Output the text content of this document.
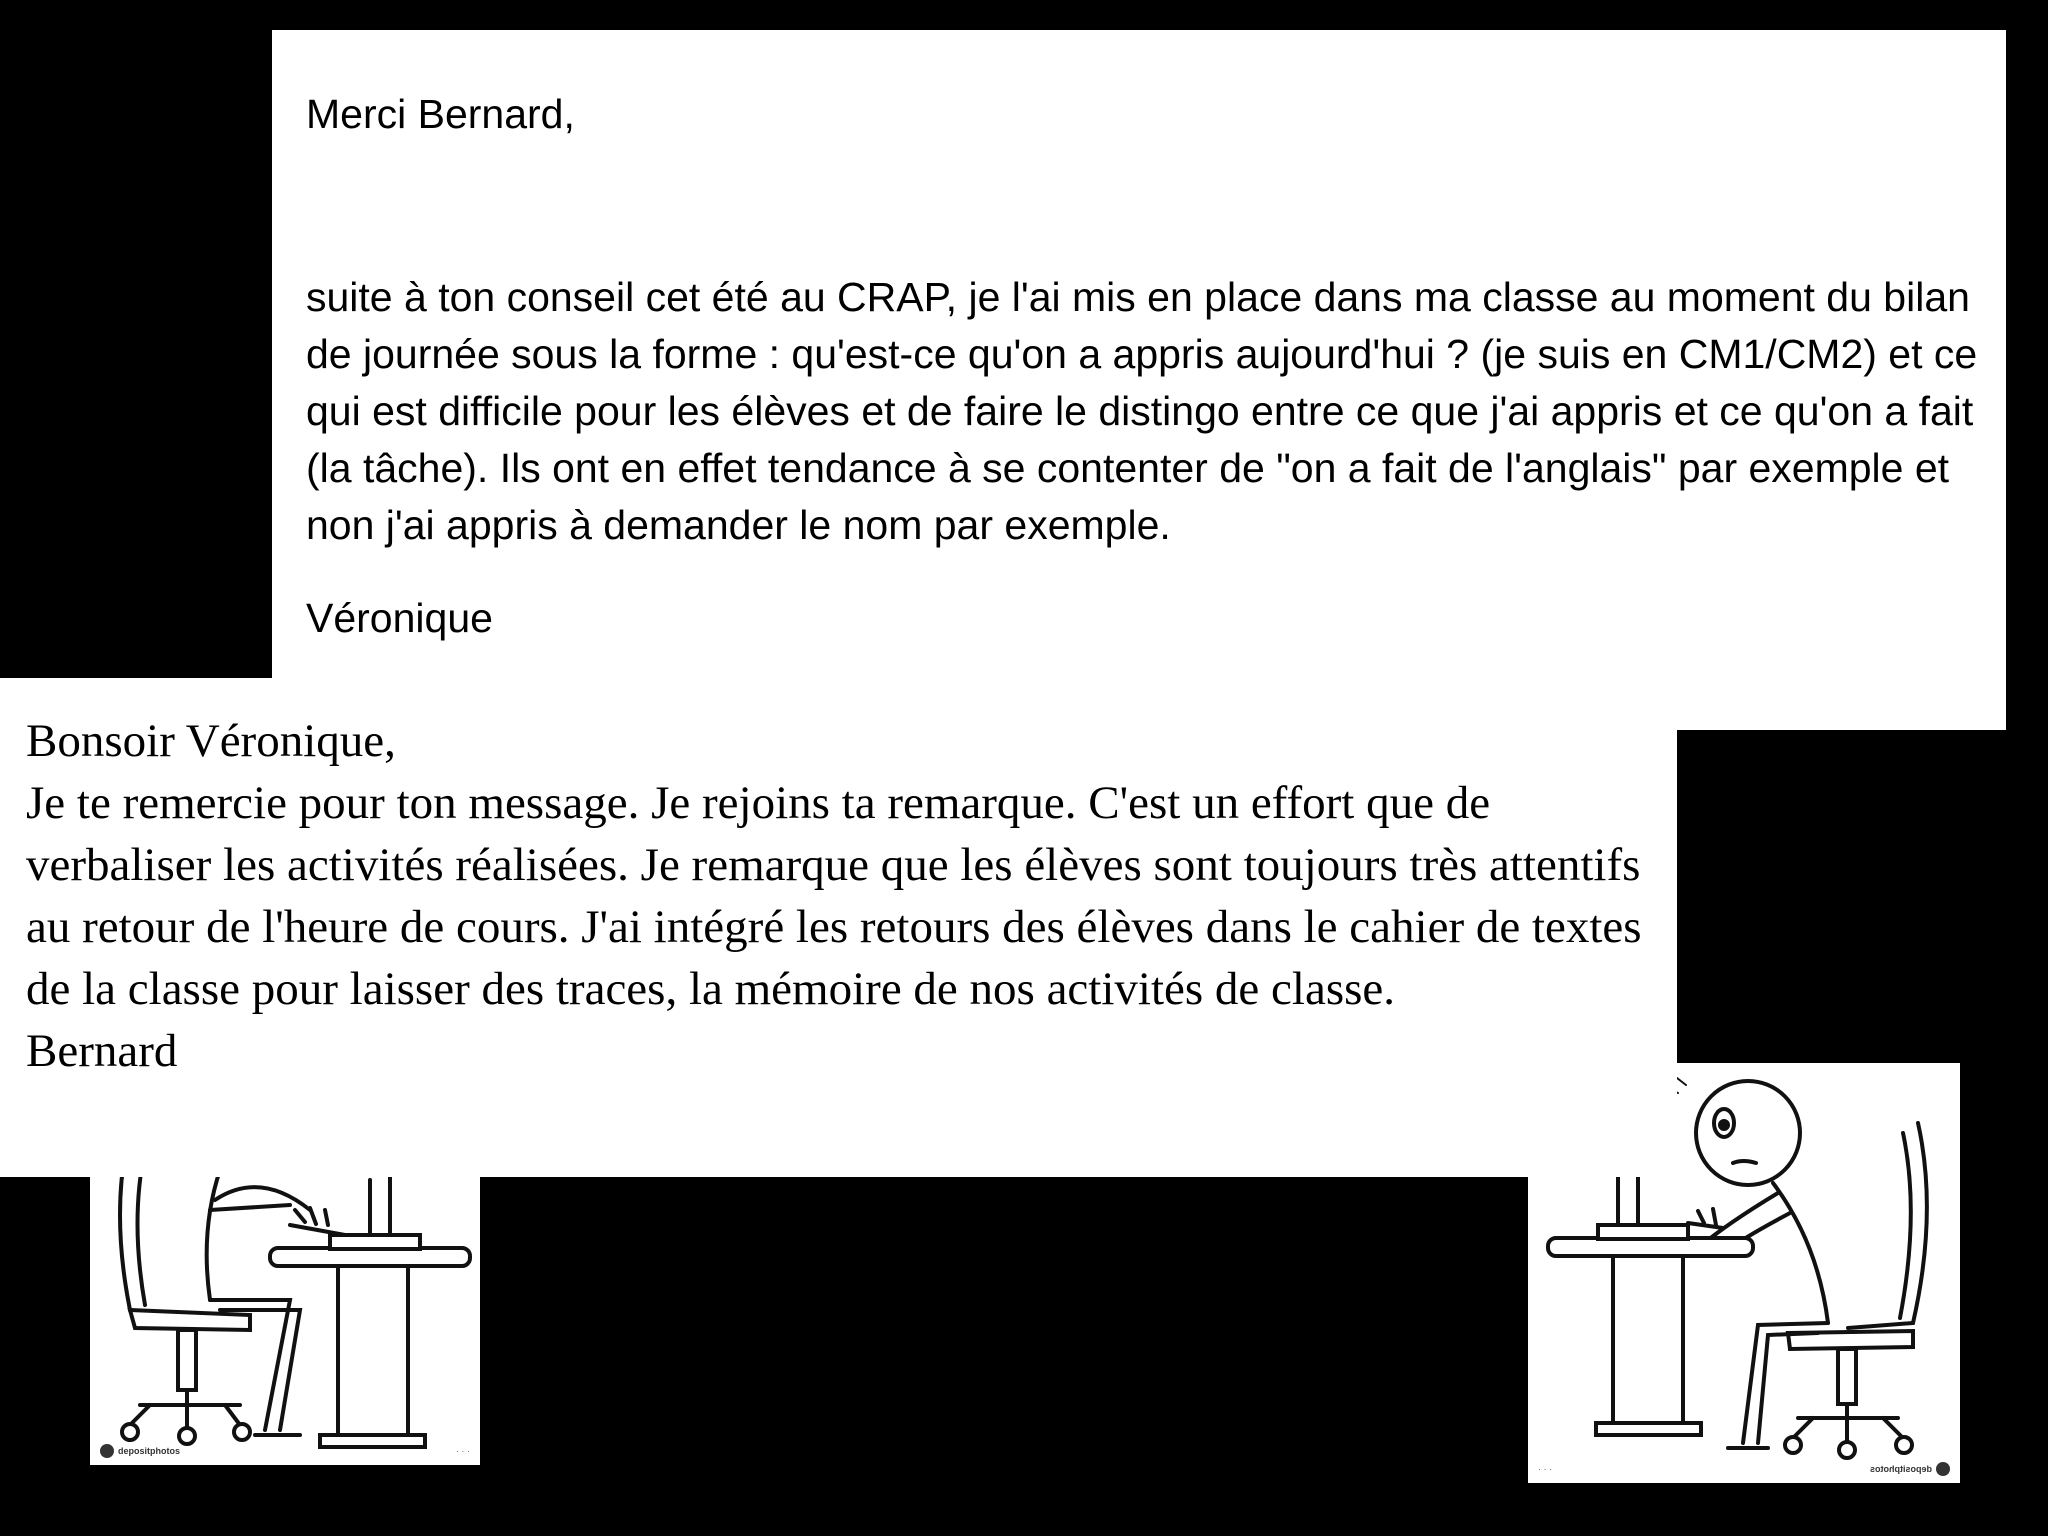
depositphotos	· · ·
· · ·	depositphotos

Merci Bernard,

suite à ton conseil cet été au CRAP, je l'ai mis en place dans ma classe au moment du bilan de journée sous la forme : qu'est-ce qu'on a appris aujourd'hui ? (je suis en CM1/CM2) et ce qui est difficile pour les élèves et de faire le distingo entre ce que j'ai appris et ce qu'on a fait (la tâche). Ils ont en effet tendance à se contenter de "on a fait de l'anglais" par exemple et non j'ai appris à demander le nom par exemple.

Véronique

Bonsoir Véronique,

Je te remercie pour ton message. Je rejoins ta remarque. C'est un effort que de verbaliser les activités réalisées. Je remarque que les élèves sont toujours très attentifs au retour de l'heure de cours. J'ai intégré les retours des élèves dans le cahier de textes de la classe pour laisser des traces, la mémoire de nos activités de classe.

Bernard
